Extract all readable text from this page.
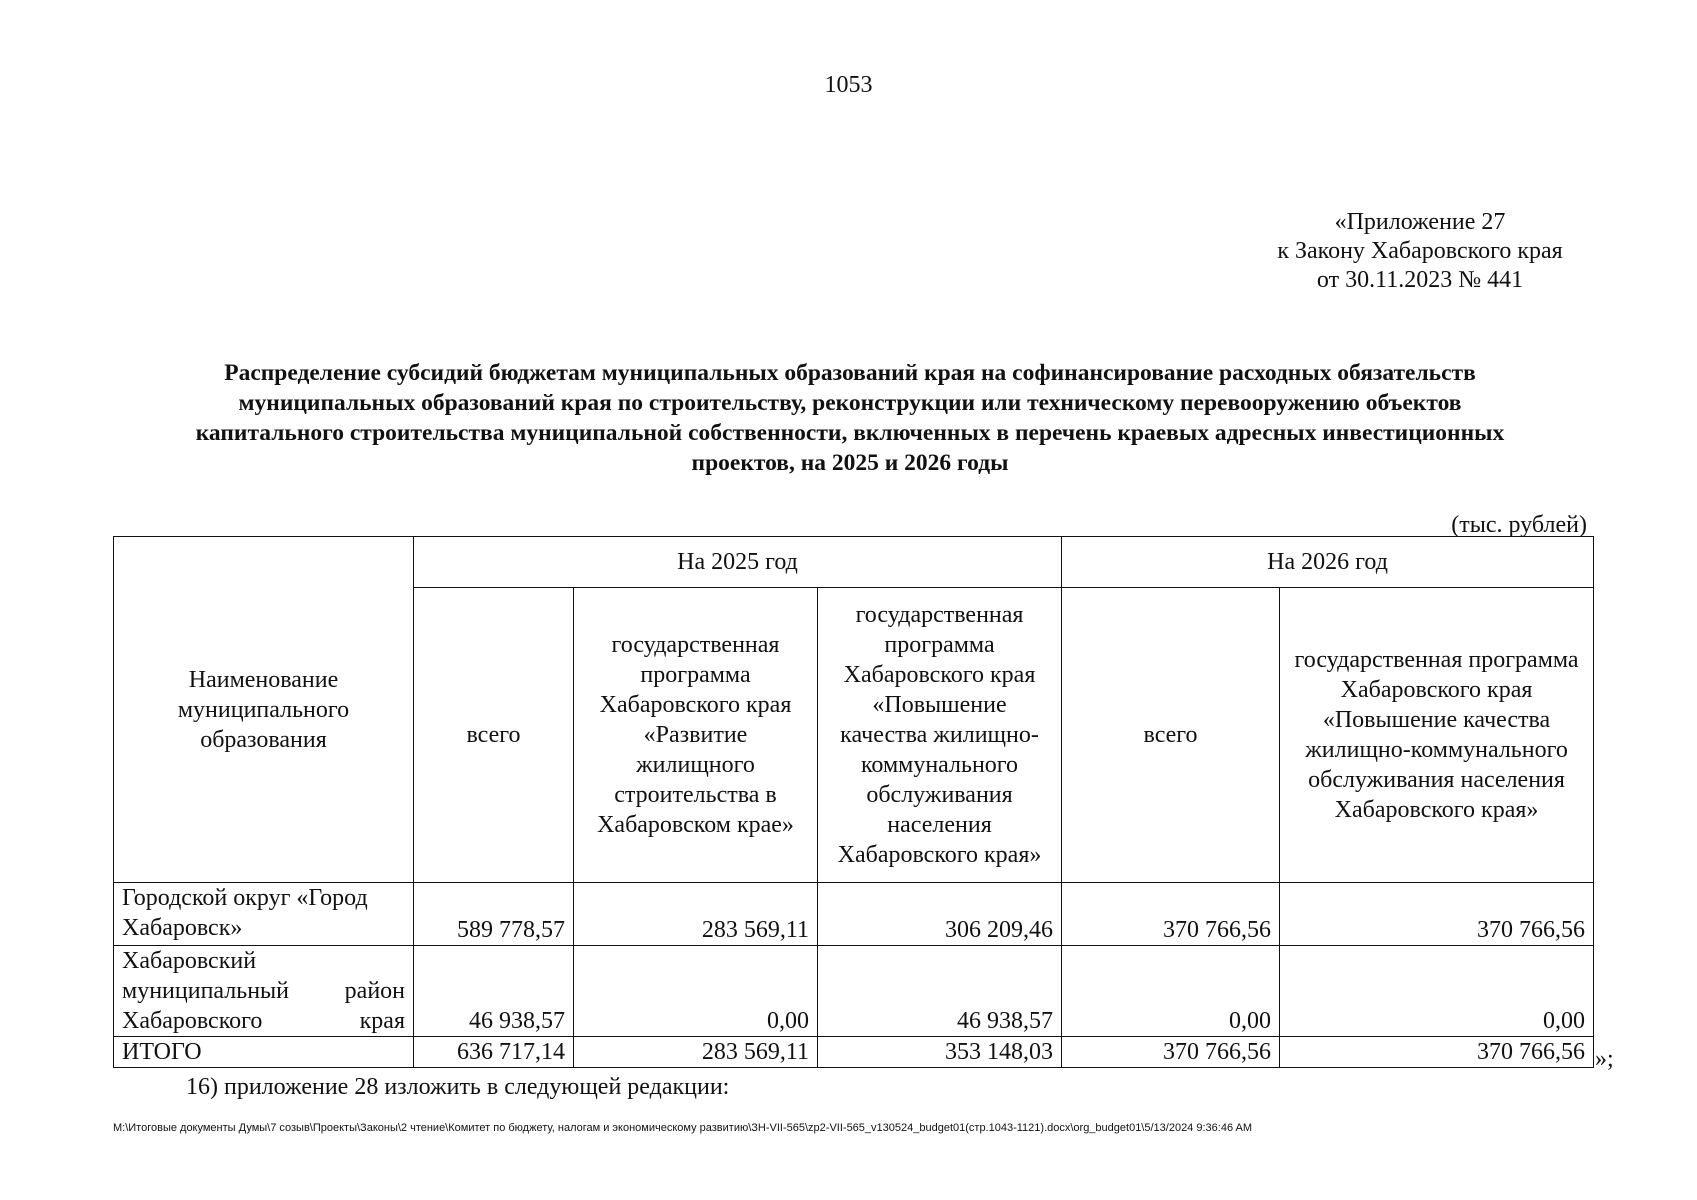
1053
«Приложение 27
к Закону Хабаровского края
от 30.11.2023 № 441
Распределение субсидий бюджетам муниципальных образований края на софинансирование расходных обязательств
муниципальных образований края по строительству, реконструкции или техническому перевооружению объектов
капитального строительства муниципальной собственности, включенных в перечень краевых адресных инвестиционных
проектов, на 2025 и 2026 годы
(тыс. рублей)
Наименование муниципального образования	На 2025 год			На 2026 год	
	всего	государственная программа Хабаровского края «Развитие жилищного строительства в Хабаровском крае»	государственная программа Хабаровского края «Повышение качества жилищно-коммунального обслуживания населения Хабаровского края»	всего	государственная программа Хабаровского края «Повышение качества жилищно-коммунального обслуживания населения Хабаровского края»
Городской округ «Город Хабаровск»	589 778,57	283 569,11	306 209,46	370 766,56	370 766,56
Хабаровский муниципальный район Хабаровского края	46 938,57	0,00	46 938,57	0,00	0,00
ИТОГО	636 717,14	283 569,11	353 148,03	370 766,56	370 766,56 »;
16) приложение 28 изложить в следующей редакции:
M:\Итоговые документы Думы\7 созыв\Проекты\Законы\2 чтение\Комитет по бюджету, налогам и экономическому развитию\ЗН-VII-565\zp2-VII-565_v130524_budget01(стр.1043-1121).docx\org_budget01\5/13/2024 9:36:46 AM
